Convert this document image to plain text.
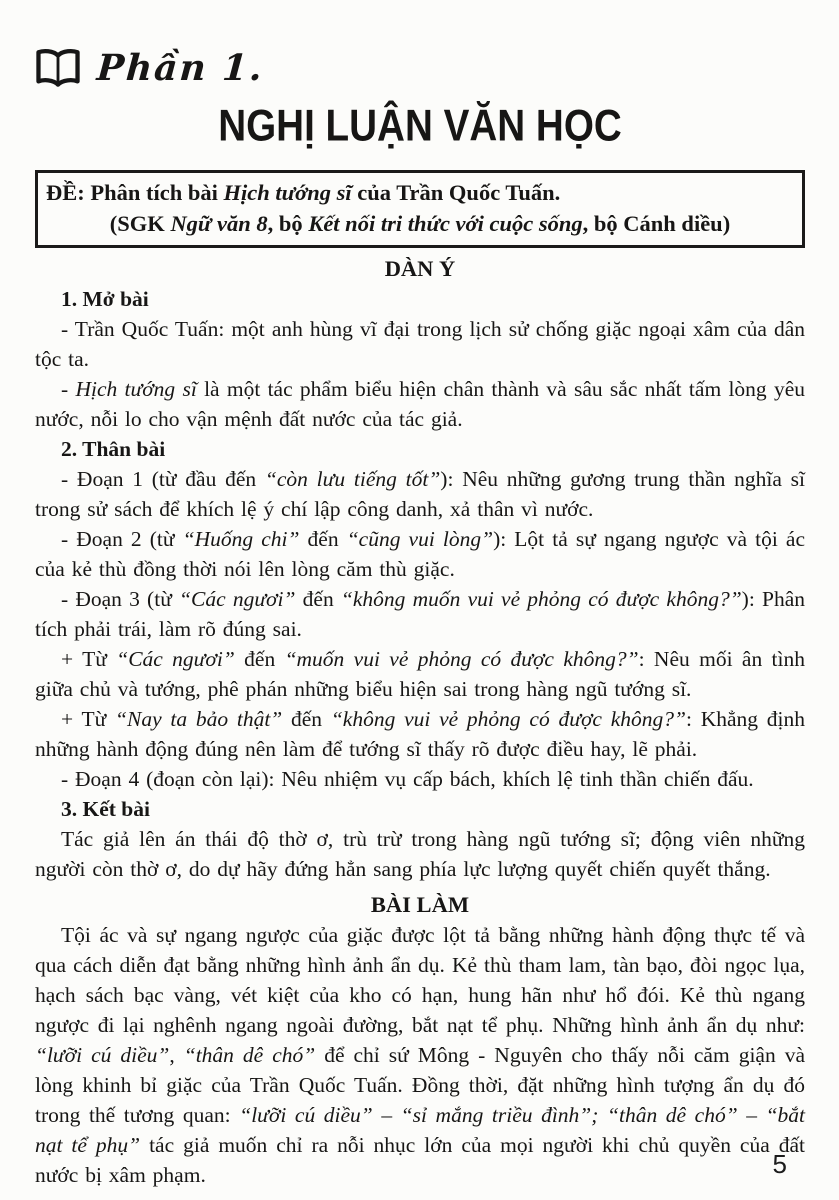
Phần 1.
NGHỊ LUẬN VĂN HỌC

ĐỀ: Phân tích bài Hịch tướng sĩ của Trần Quốc Tuấn.

(SGK Ngữ văn 8, bộ Kết nối tri thức với cuộc sống, bộ Cánh diều)

DÀN Ý

1. Mở bài

- Trần Quốc Tuấn: một anh hùng vĩ đại trong lịch sử chống giặc ngoại xâm của dân tộc ta.

- Hịch tướng sĩ là một tác phẩm biểu hiện chân thành và sâu sắc nhất tấm lòng yêu nước, nỗi lo cho vận mệnh đất nước của tác giả.

2. Thân bài

- Đoạn 1 (từ đầu đến “còn lưu tiếng tốt”): Nêu những gương trung thần nghĩa sĩ trong sử sách để khích lệ ý chí lập công danh, xả thân vì nước.

- Đoạn 2 (từ “Huống chi” đến “cũng vui lòng”): Lột tả sự ngang ngược và tội ác của kẻ thù đồng thời nói lên lòng căm thù giặc.

- Đoạn 3 (từ “Các ngươi” đến “không muốn vui vẻ phỏng có được không?”): Phân tích phải trái, làm rõ đúng sai.

+ Từ “Các ngươi” đến “muốn vui vẻ phỏng có được không?”: Nêu mối ân tình giữa chủ và tướng, phê phán những biểu hiện sai trong hàng ngũ tướng sĩ.

+ Từ “Nay ta bảo thật” đến “không vui vẻ phỏng có được không?”: Khẳng định những hành động đúng nên làm để tướng sĩ thấy rõ được điều hay, lẽ phải.

- Đoạn 4 (đoạn còn lại): Nêu nhiệm vụ cấp bách, khích lệ tinh thần chiến đấu.

3. Kết bài

Tác giả lên án thái độ thờ ơ, trù trừ trong hàng ngũ tướng sĩ; động viên những người còn thờ ơ, do dự hãy đứng hẳn sang phía lực lượng quyết chiến quyết thắng.

BÀI LÀM

Tội ác và sự ngang ngược của giặc được lột tả bằng những hành động thực tế và qua cách diễn đạt bằng những hình ảnh ẩn dụ. Kẻ thù tham lam, tàn bạo, đòi ngọc lụa, hạch sách bạc vàng, vét kiệt của kho có hạn, hung hãn như hổ đói. Kẻ thù ngang ngược đi lại nghênh ngang ngoài đường, bắt nạt tể phụ. Những hình ảnh ẩn dụ như: “lưỡi cú diều”, “thân dê chó” để chỉ sứ Mông - Nguyên cho thấy nỗi căm giận và lòng khinh bỉ giặc của Trần Quốc Tuấn. Đồng thời, đặt những hình tượng ẩn dụ đó trong thế tương quan: “lưỡi cú diều” – “sỉ mắng triều đình”; “thân dê chó” – “bắt nạt tể phụ” tác giả muốn chỉ ra nỗi nhục lớn của mọi người khi chủ quyền của đất nước bị xâm phạm.	5
